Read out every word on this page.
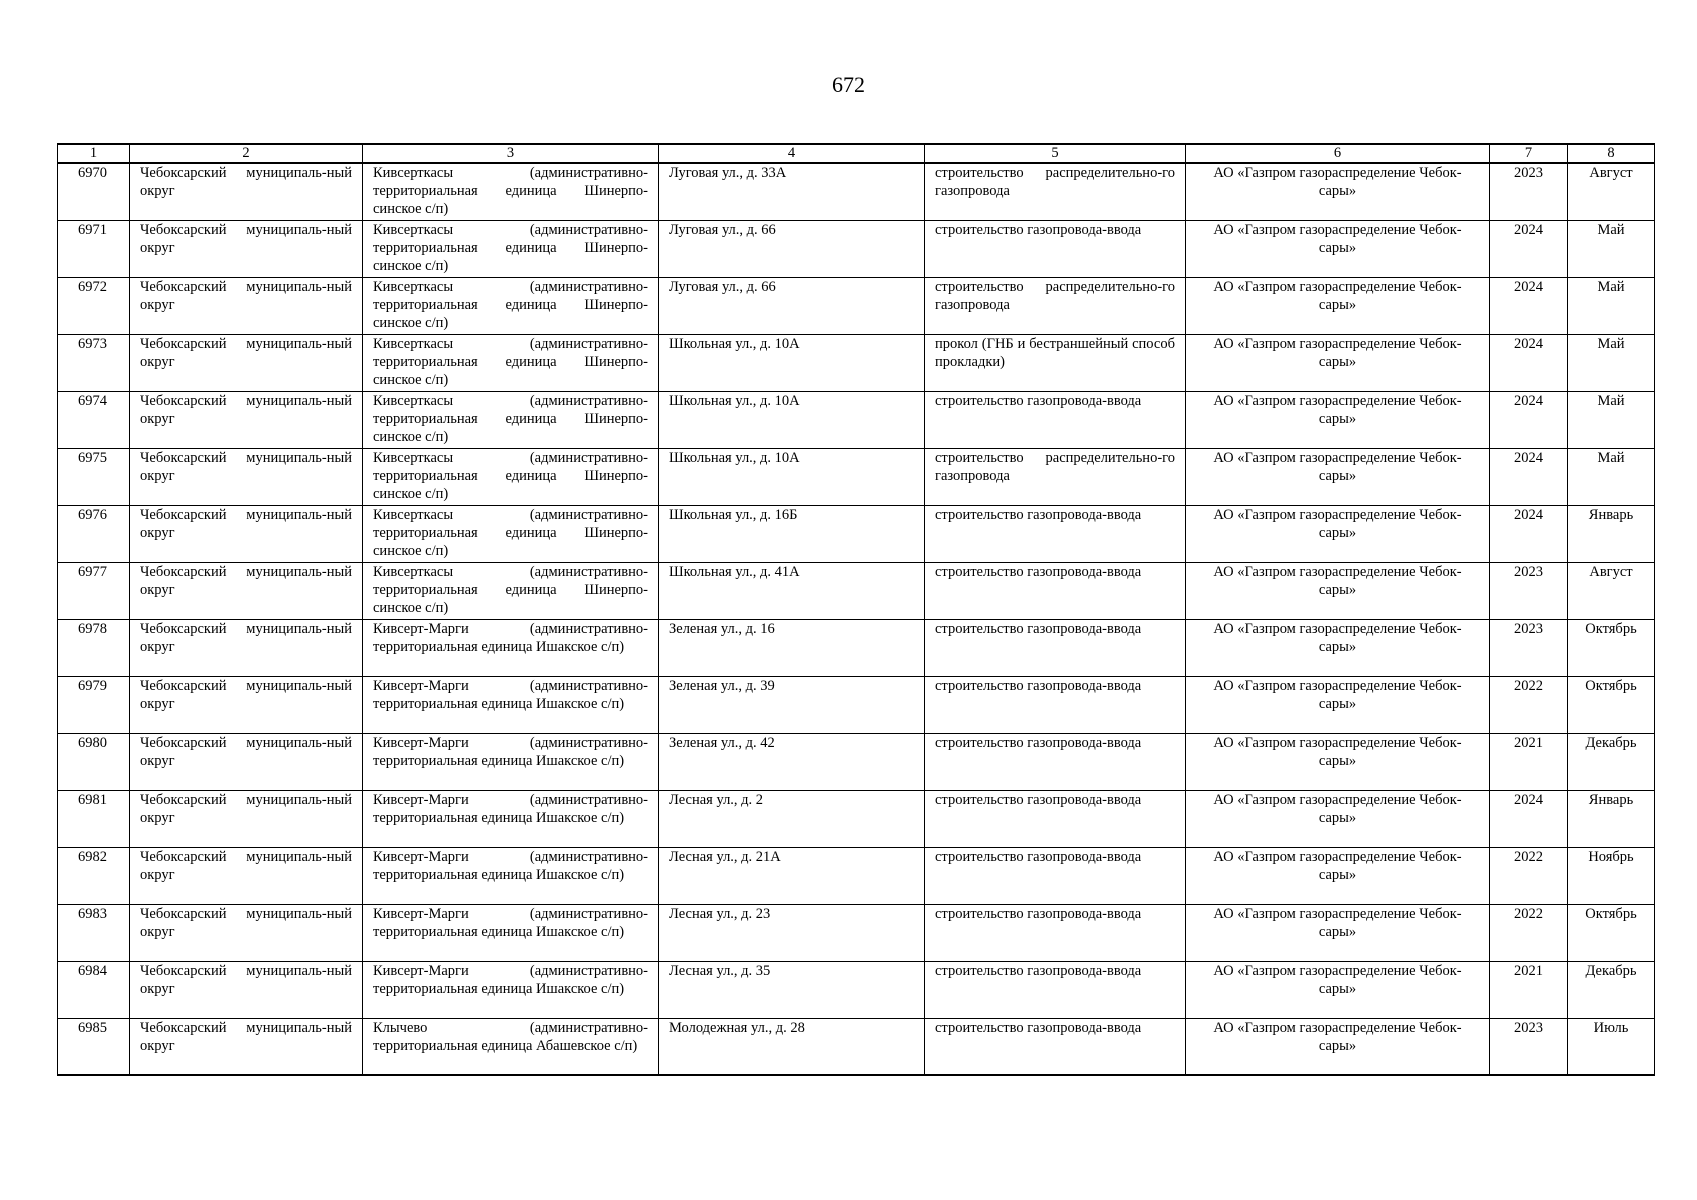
672
1	2	3	4	5	6	7	8
6970	Чебоксарский муниципаль-ный округ	Кивсерткасы (административно-территориальная единица Шинерпо-синское с/п)	Луговая ул., д. 33А	строительство распределительно-го газопровода	АО «Газпром газораспределение Чебок-сары»	2023	Август
6971	Чебоксарский муниципаль-ный округ	Кивсерткасы (административно-территориальная единица Шинерпо-синское с/п)	Луговая ул., д. 66	строительство газопровода-ввода	АО «Газпром газораспределение Чебок-сары»	2024	Май
6972	Чебоксарский муниципаль-ный округ	Кивсерткасы (административно-территориальная единица Шинерпо-синское с/п)	Луговая ул., д. 66	строительство распределительно-го газопровода	АО «Газпром газораспределение Чебок-сары»	2024	Май
6973	Чебоксарский муниципаль-ный округ	Кивсерткасы (административно-территориальная единица Шинерпо-синское с/п)	Школьная ул., д. 10А	прокол (ГНБ и бестраншейный способ прокладки)	АО «Газпром газораспределение Чебок-сары»	2024	Май
6974	Чебоксарский муниципаль-ный округ	Кивсерткасы (административно-территориальная единица Шинерпо-синское с/п)	Школьная ул., д. 10А	строительство газопровода-ввода	АО «Газпром газораспределение Чебок-сары»	2024	Май
6975	Чебоксарский муниципаль-ный округ	Кивсерткасы (административно-территориальная единица Шинерпо-синское с/п)	Школьная ул., д. 10А	строительство распределительно-го газопровода	АО «Газпром газораспределение Чебок-сары»	2024	Май
6976	Чебоксарский муниципаль-ный округ	Кивсерткасы (административно-территориальная единица Шинерпо-синское с/п)	Школьная ул., д. 16Б	строительство газопровода-ввода	АО «Газпром газораспределение Чебок-сары»	2024	Январь
6977	Чебоксарский муниципаль-ный округ	Кивсерткасы (административно-территориальная единица Шинерпо-синское с/п)	Школьная ул., д. 41А	строительство газопровода-ввода	АО «Газпром газораспределение Чебок-сары»	2023	Август
6978	Чебоксарский муниципаль-ный округ	Кивсерт-Марги (административно-территориальная единица Ишакское с/п)	Зеленая ул., д. 16	строительство газопровода-ввода	АО «Газпром газораспределение Чебок-сары»	2023	Октябрь
6979	Чебоксарский муниципаль-ный округ	Кивсерт-Марги (административно-территориальная единица Ишакское с/п)	Зеленая ул., д. 39	строительство газопровода-ввода	АО «Газпром газораспределение Чебок-сары»	2022	Октябрь
6980	Чебоксарский муниципаль-ный округ	Кивсерт-Марги (административно-территориальная единица Ишакское с/п)	Зеленая ул., д. 42	строительство газопровода-ввода	АО «Газпром газораспределение Чебок-сары»	2021	Декабрь
6981	Чебоксарский муниципаль-ный округ	Кивсерт-Марги (административно-территориальная единица Ишакское с/п)	Лесная ул., д. 2	строительство газопровода-ввода	АО «Газпром газораспределение Чебок-сары»	2024	Январь
6982	Чебоксарский муниципаль-ный округ	Кивсерт-Марги (административно-территориальная единица Ишакское с/п)	Лесная ул., д. 21А	строительство газопровода-ввода	АО «Газпром газораспределение Чебок-сары»	2022	Ноябрь
6983	Чебоксарский муниципаль-ный округ	Кивсерт-Марги (административно-территориальная единица Ишакское с/п)	Лесная ул., д. 23	строительство газопровода-ввода	АО «Газпром газораспределение Чебок-сары»	2022	Октябрь
6984	Чебоксарский муниципаль-ный округ	Кивсерт-Марги (административно-территориальная единица Ишакское с/п)	Лесная ул., д. 35	строительство газопровода-ввода	АО «Газпром газораспределение Чебок-сары»	2021	Декабрь
6985	Чебоксарский муниципаль-ный округ	Клычево (административно-территориальная единица Абашевское с/п)	Молодежная ул., д. 28	строительство газопровода-ввода	АО «Газпром газораспределение Чебок-сары»	2023	Июль
